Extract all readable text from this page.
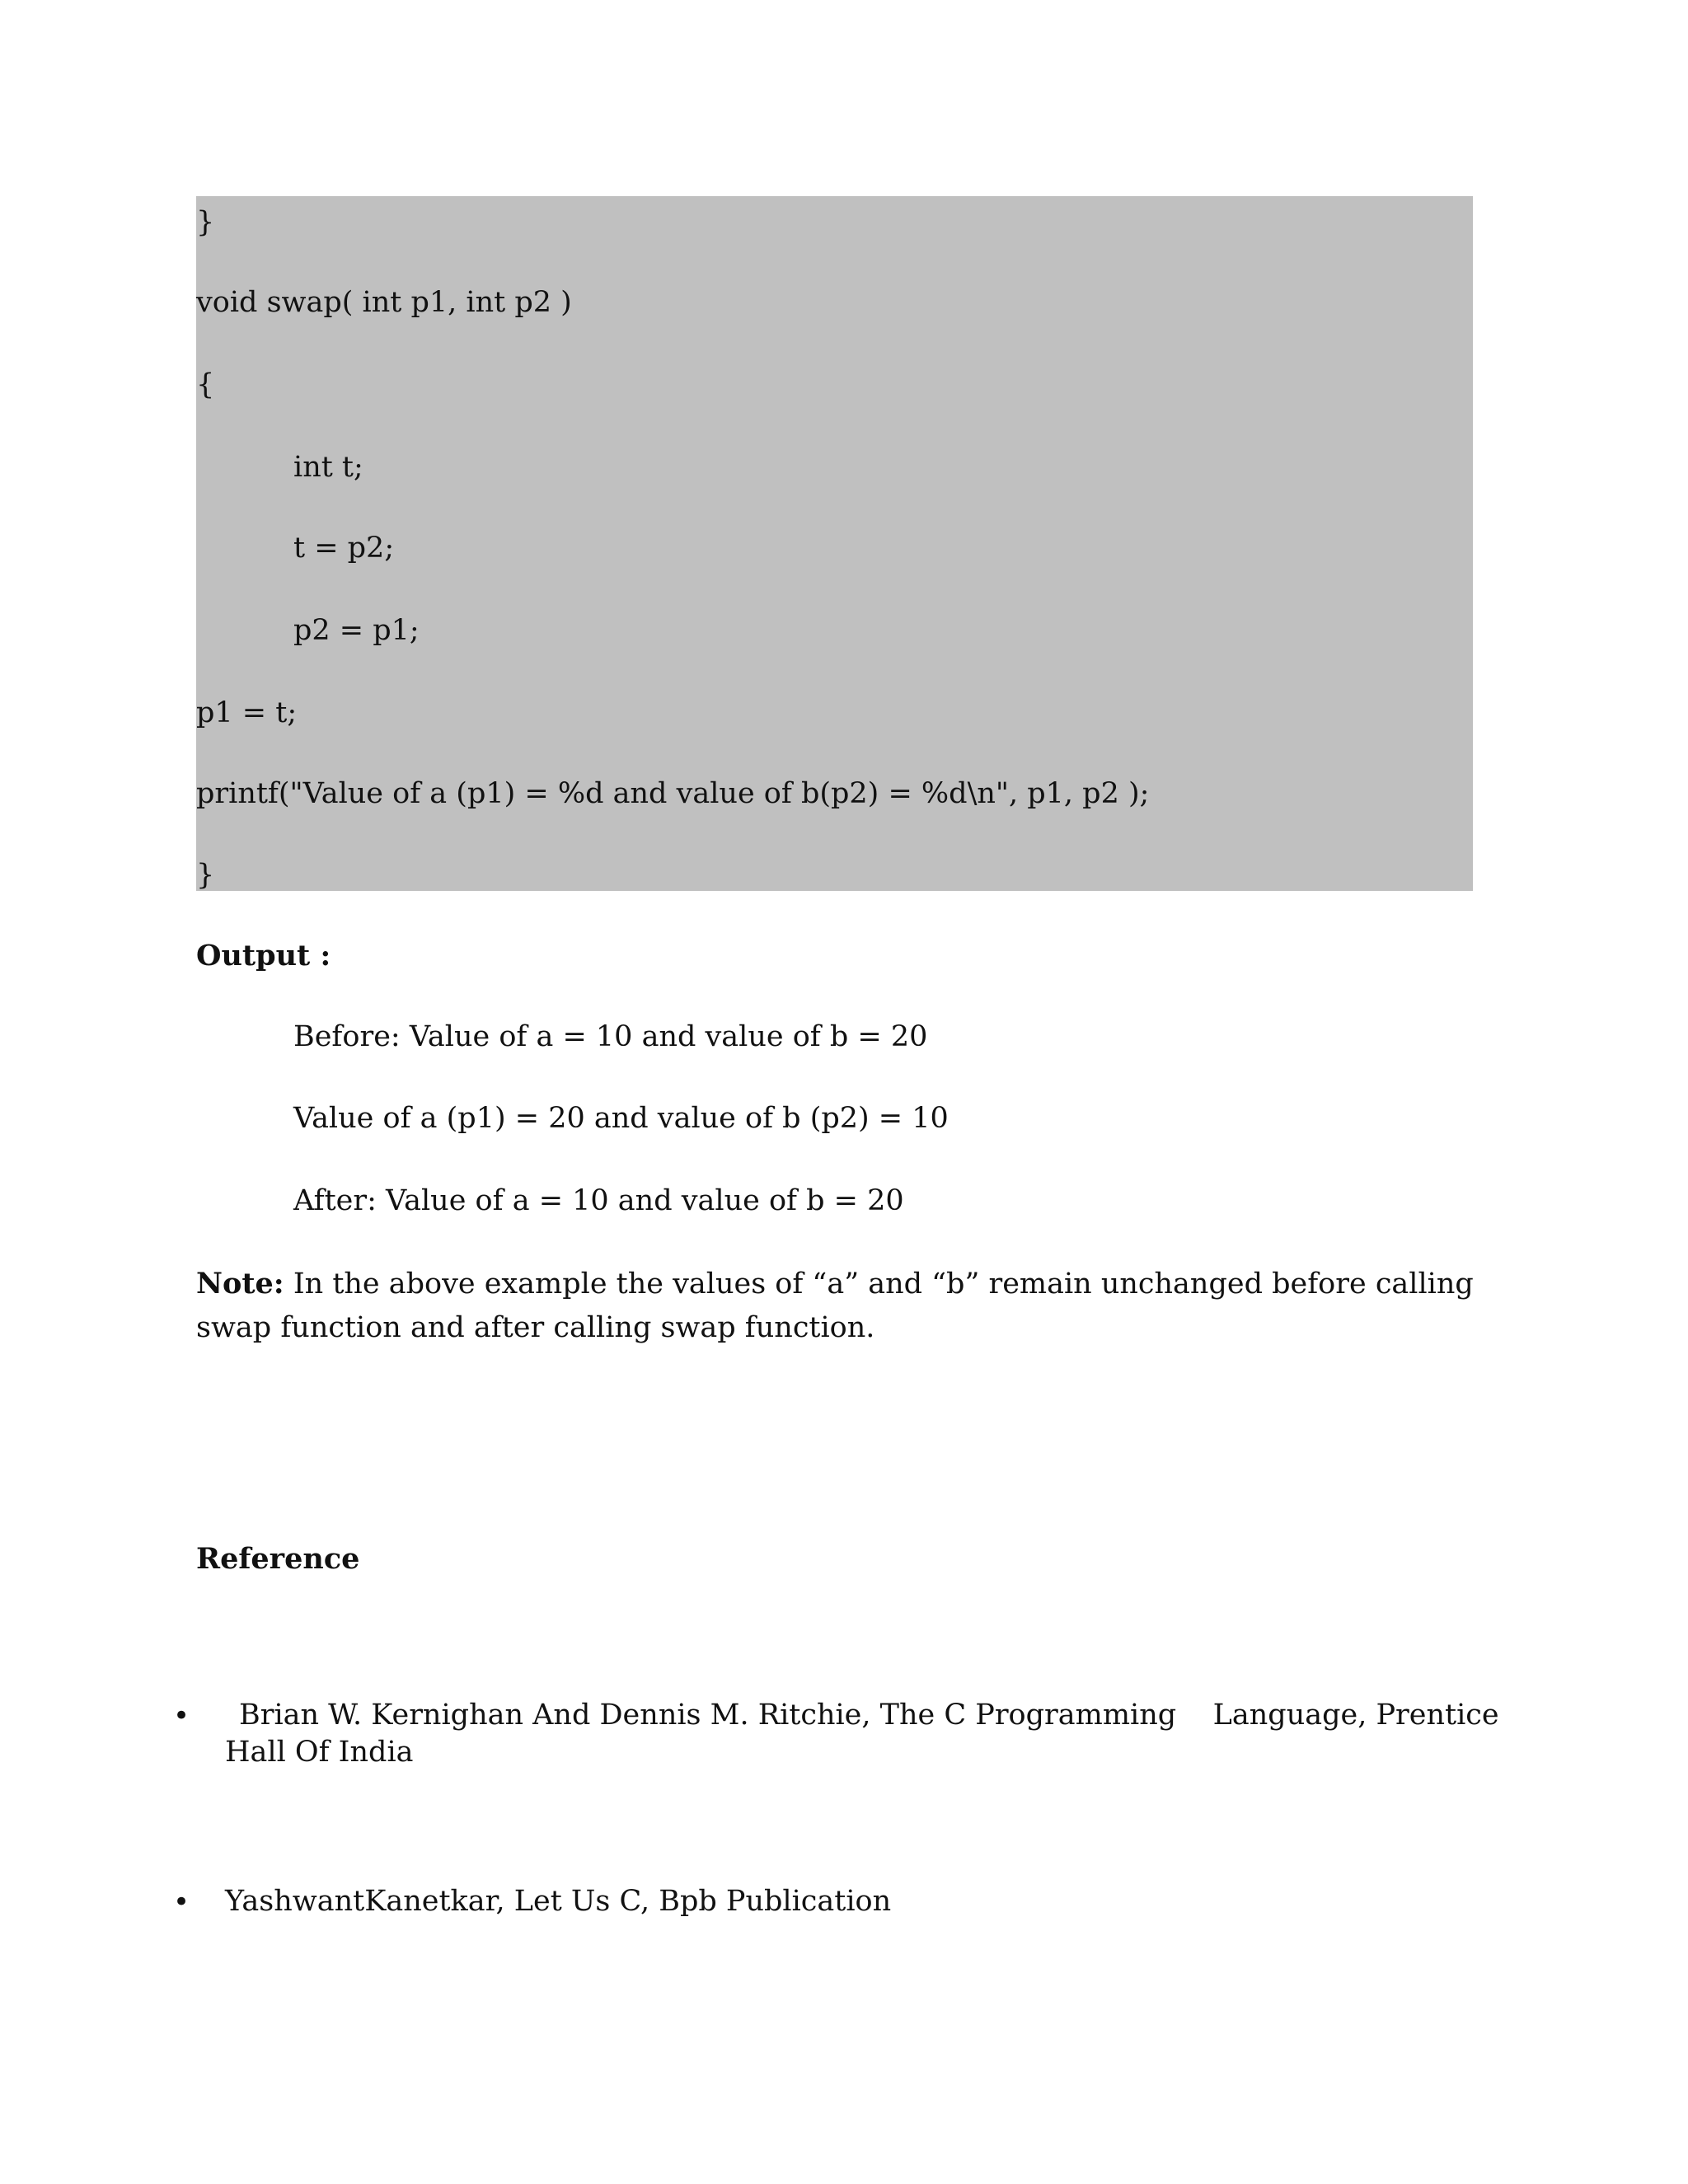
}
void swap( int p1, int p2 )
{
int t;
t = p2;
p2 = p1;
p1 = t;
printf("Value of a (p1) = %d and value of b(p2) = %d\n", p1, p2 );
}
Output :
Before: Value of a = 10 and value of b = 20
Value of a (p1) = 20 and value of b (p2) = 10
After: Value of a = 10 and value of b = 20
Note: In the above example the values of “a” and “b” remain unchanged before calling
swap function and after calling swap function.
Reference
• Brian W. Kernighan And Dennis M. Ritchie, The C Programming    Language, Prentice
Hall Of India
• YashwantKanetkar, Let Us C, Bpb Publication
